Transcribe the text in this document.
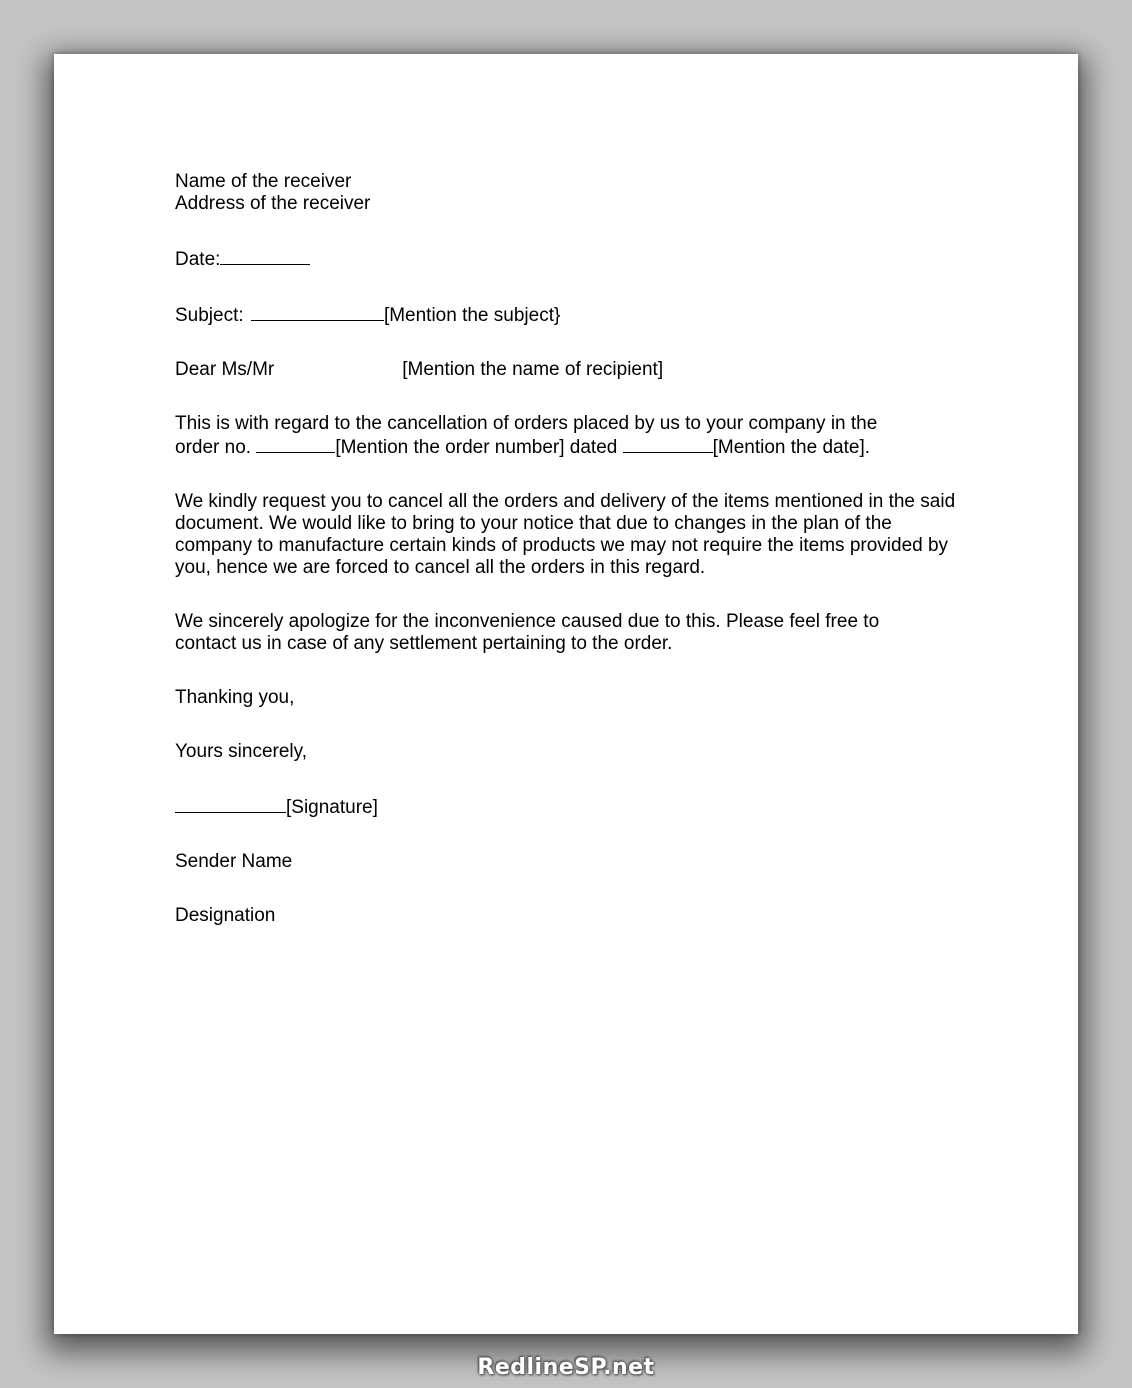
Name of the receiver
Address of the receiver
Date:
Subject:	[Mention the subject}
Dear Ms/Mr	[Mention the name of recipient]
This is with regard to the cancellation of orders placed by us to your company in the
order no.	[Mention the order number] dated	[Mention the date].
We kindly request you to cancel all the orders and delivery of the items mentioned in the said document. We would like to bring to your notice that due to changes in the plan of the company to manufacture certain kinds of products we may not require the items provided by you, hence we are forced to cancel all the orders in this regard.
We sincerely apologize for the inconvenience caused due to this. Please feel free to contact us in case of any settlement pertaining to the order.
Thanking you,
Yours sincerely,
[Signature]
Sender Name
Designation
RedlineSP.net
